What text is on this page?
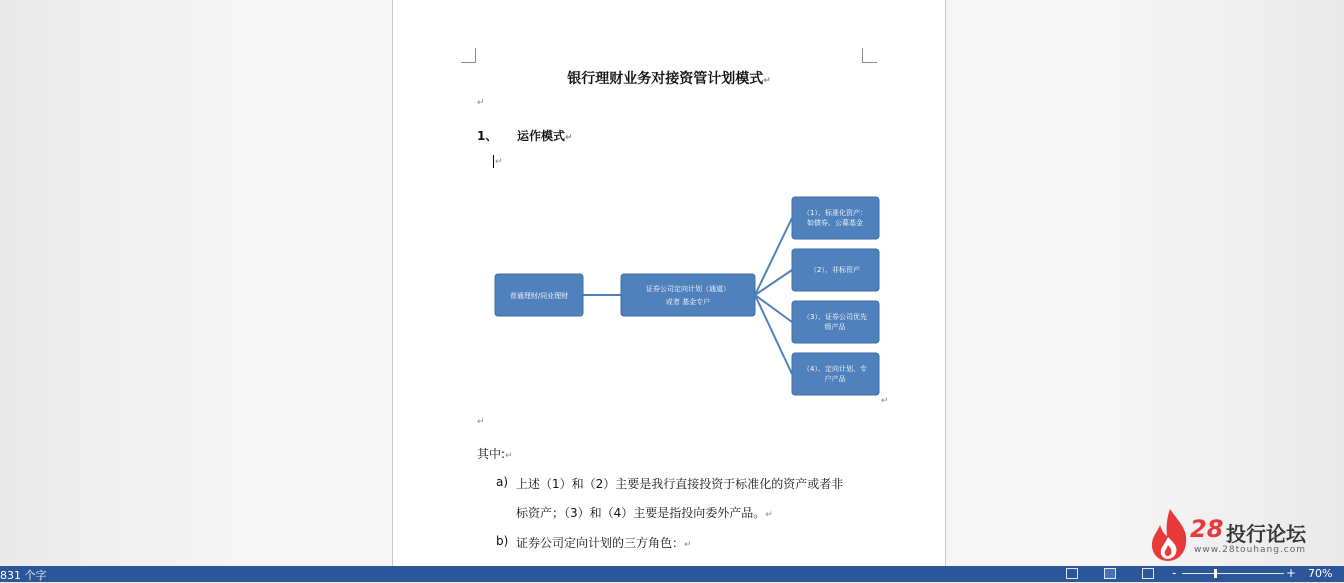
银行理财业务对接资管计划模式↵
↵
1、 运作模式↵
↵
普通理财/同业理财
证券公司定向计划（通道）
或者 基金专户
（1）、标准化资产：
如债券、公募基金
（2）、非标资产
（3）、证券公司优先
级产品
（4）、定向计划、专
户产品
↵
↵
其中:↵
a) 上述（1）和（2）主要是我行直接投资于标准化的资产或者非
标资产；（3）和（4）主要是指投向委外产品。↵
b) 证券公司定向计划的三方角色：↵
28 投行论坛
www.28touhang.com
831 个字	-	+ 70%
